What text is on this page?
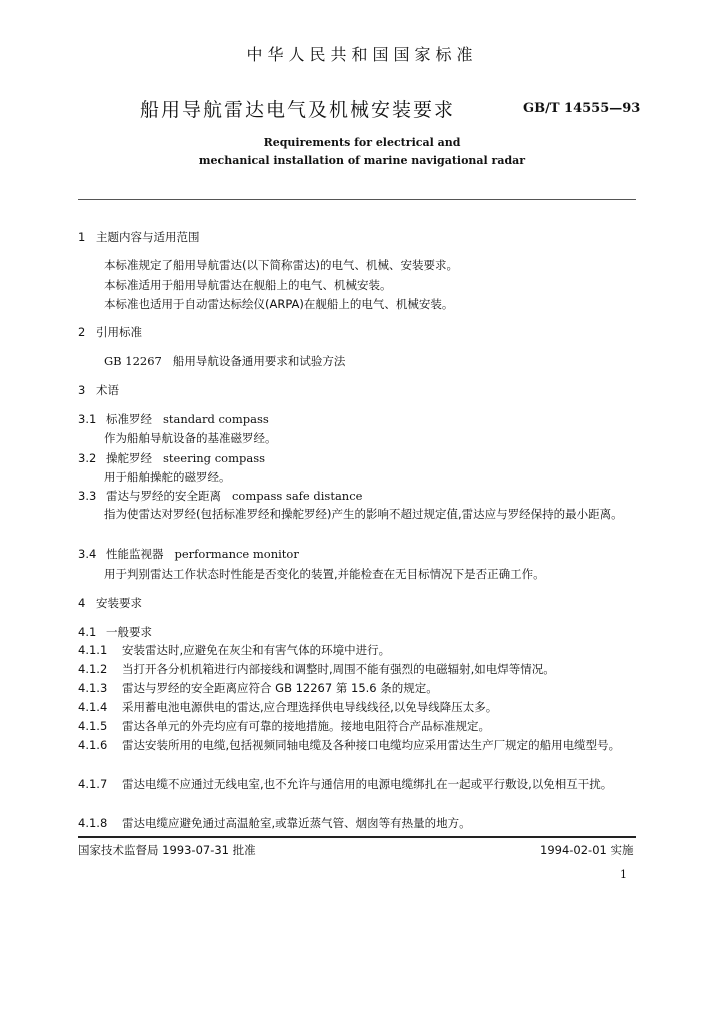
中华人民共和国国家标准
船用导航雷达电气及机械安装要求	GB/T 14555—93
Requirements for electrical and
mechanical installation of marine navigational radar
1 主题内容与适用范围
本标准规定了船用导航雷达(以下简称雷达)的电气、机械、安装要求。
本标准适用于船用导航雷达在舰船上的电气、机械安装。
本标准也适用于自动雷达标绘仪(ARPA)在舰船上的电气、机械安装。
2 引用标准
GB 12267 船用导航设备通用要求和试验方法
3 术语
3.1 标准罗经 standard compass
作为船舶导航设备的基准磁罗经。
3.2 操舵罗经 steering compass
用于船舶操舵的磁罗经。
3.3 雷达与罗经的安全距离 compass safe distance
指为使雷达对罗经(包括标准罗经和操舵罗经)产生的影响不超过规定值,雷达应与罗经保持的最小距离。
3.4 性能监视器 performance monitor
用于判别雷达工作状态时性能是否变化的装置,并能检查在无目标情况下是否正确工作。
4 安装要求
4.1 一般要求
4.1.1 安装雷达时,应避免在灰尘和有害气体的环境中进行。
4.1.2 当打开各分机机箱进行内部接线和调整时,周围不能有强烈的电磁辐射,如电焊等情况。
4.1.3 雷达与罗经的安全距离应符合 GB 12267 第 15.6 条的规定。
4.1.4 采用蓄电池电源供电的雷达,应合理选择供电导线线径,以免导线降压太多。
4.1.5 雷达各单元的外壳均应有可靠的接地措施。接地电阻符合产品标准规定。
4.1.6 雷达安装所用的电缆,包括视频同轴电缆及各种接口电缆均应采用雷达生产厂规定的船用电缆型号。
4.1.7 雷达电缆不应通过无线电室,也不允许与通信用的电源电缆绑扎在一起或平行敷设,以免相互干扰。
4.1.8 雷达电缆应避免通过高温舱室,或靠近蒸气管、烟囱等有热量的地方。
国家技术监督局 1993-07-31 批准	1994-02-01 实施
1
